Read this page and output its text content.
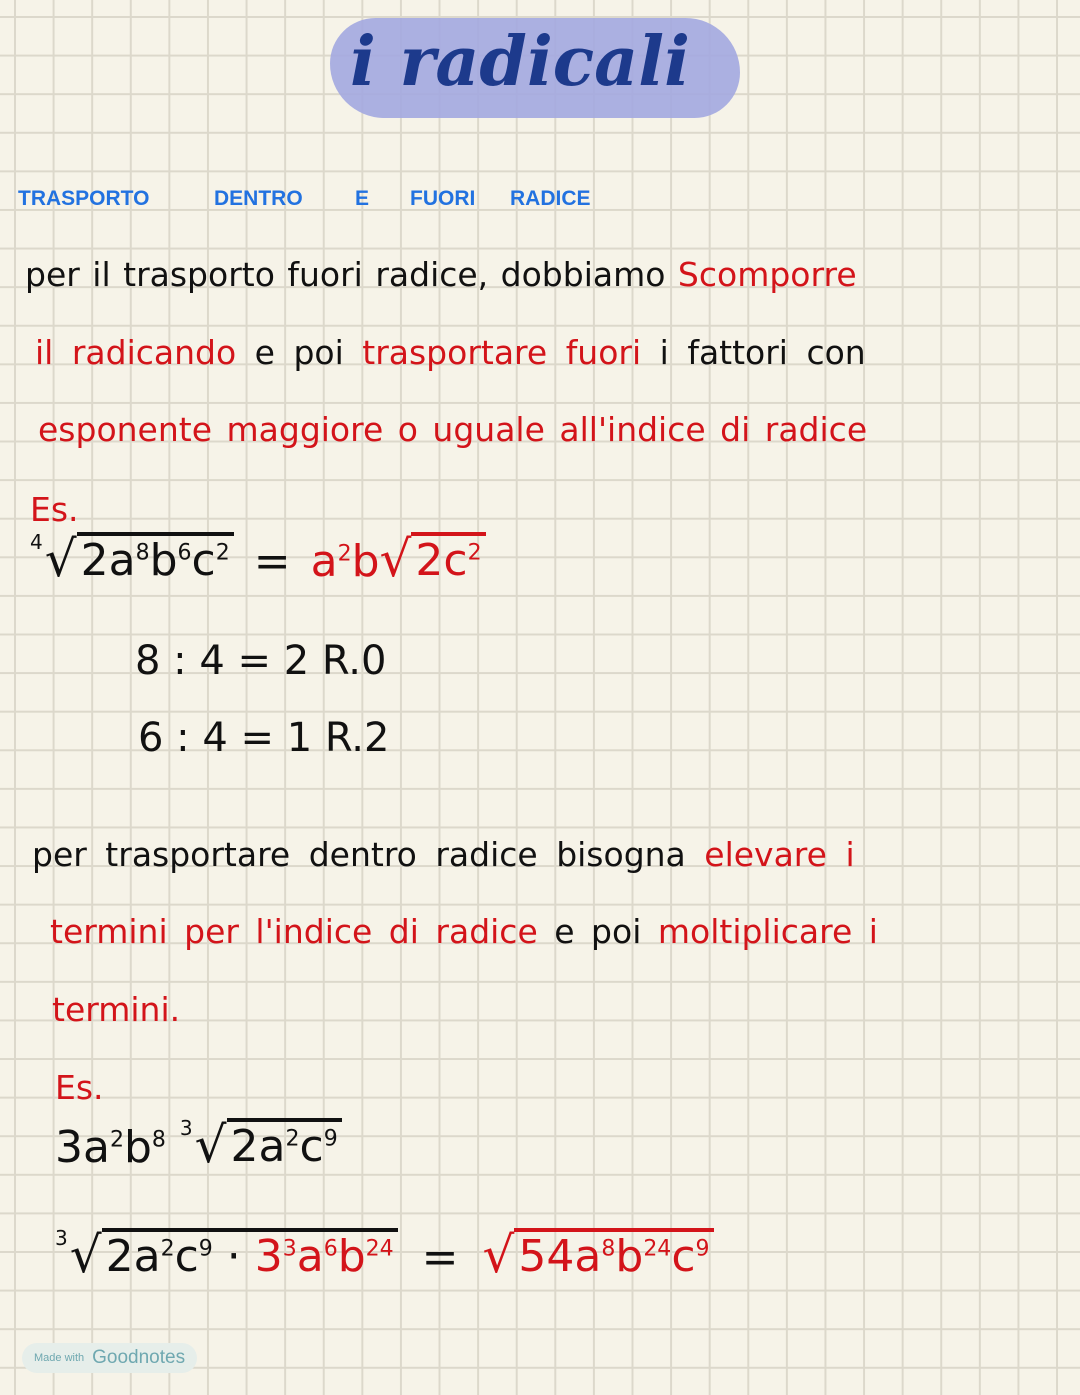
i radicali
TRASPORTO	DENTRO E FUORI RADICE
per il trasporto fuori radice, dobbiamo Scomporre
il radicando e poi trasportare fuori i fattori con
esponente maggiore o uguale all'indice di radice
Es.
4 √ $2a^8b^6c^2 = a^2b$ √ $2c^2$
8 : 4 = 2 R.0
6 : 4 = 1 R.2
per trasportare dentro radice bisogna elevare i
termini per l'indice di radice e poi moltiplicare i
termini.
Es.
$3a^2b^8$ 3 √ $2a^2c^9$
3 √ $2a^2c^9 \cdot 3^3a^6b^{24}$ = √ $54a^8b^{24}c^9$
Made with Goodnotes
